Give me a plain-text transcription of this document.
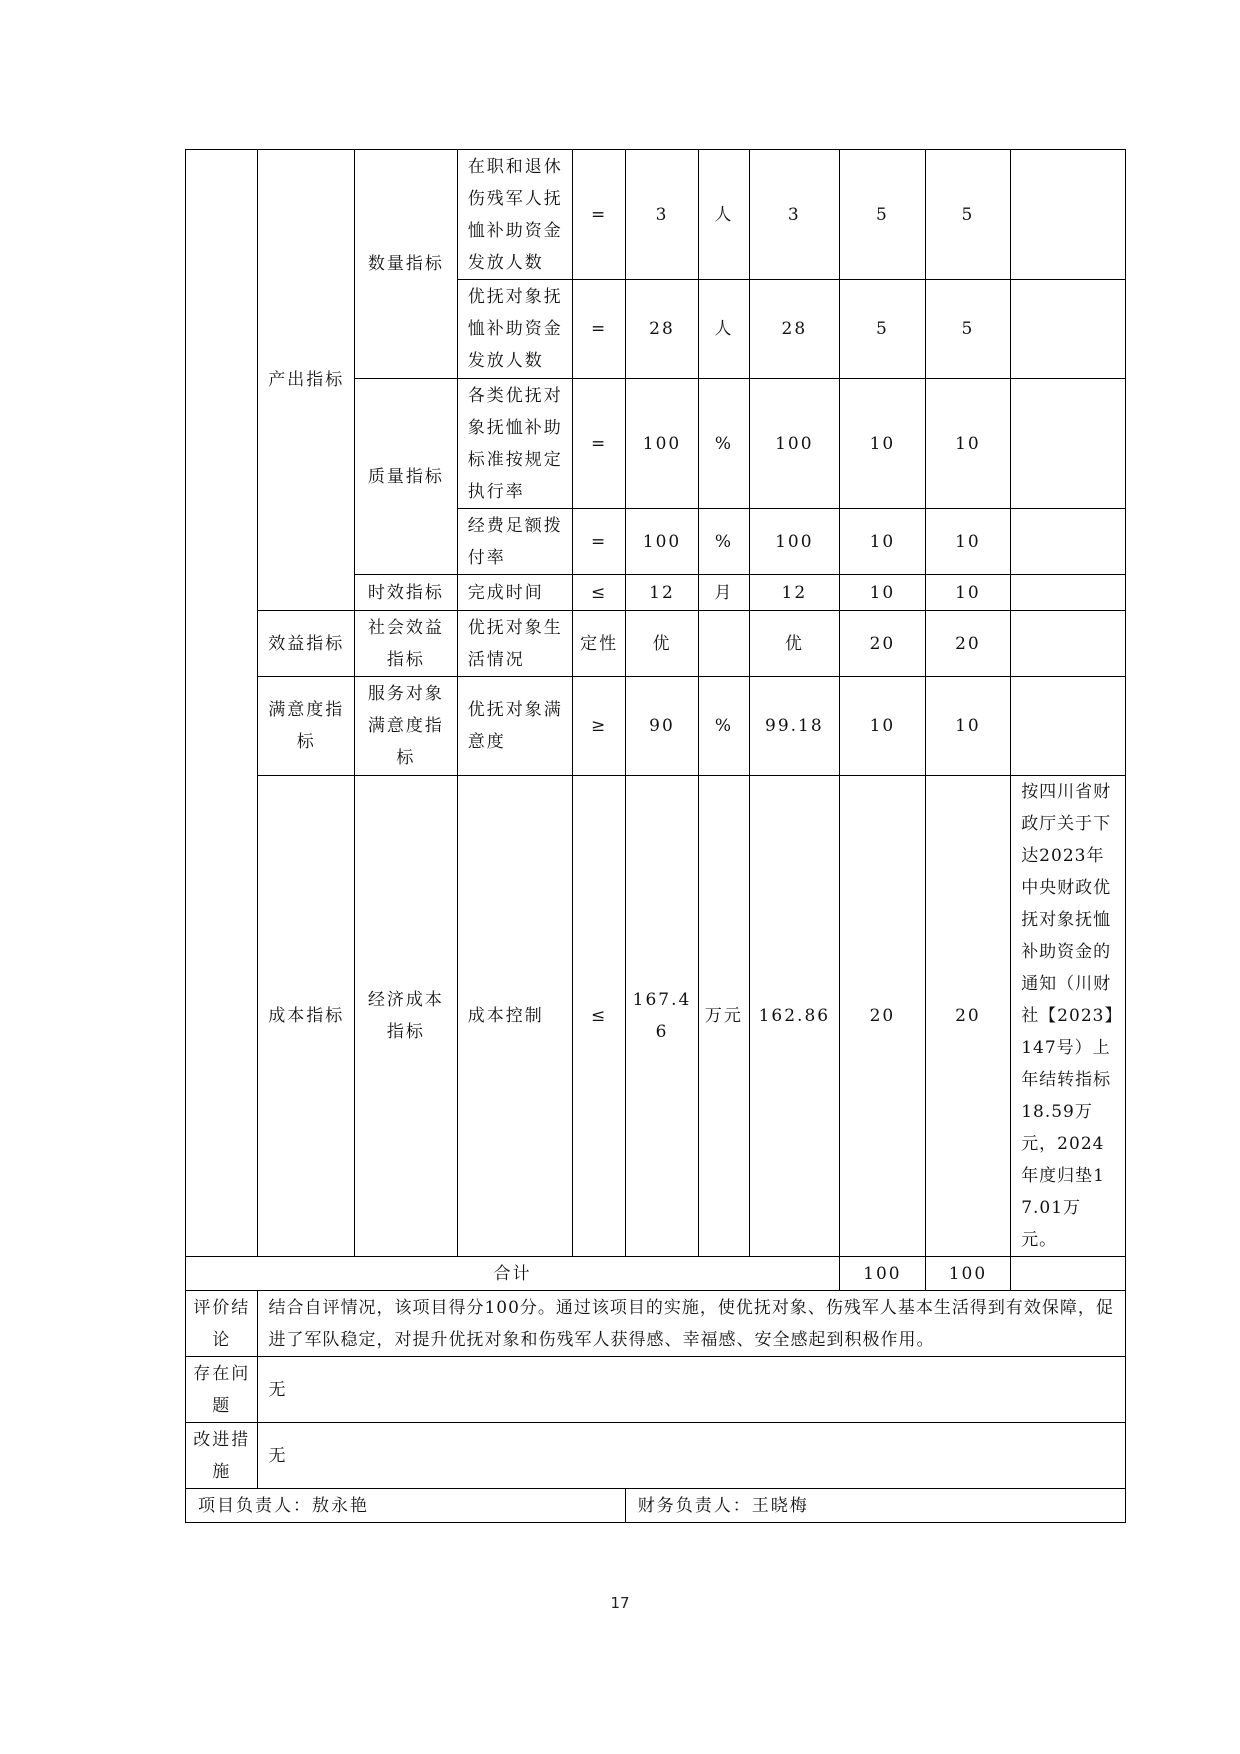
	产出指标	数量指标	在职和退休伤残军人抚恤补助资金发放人数	=	3	人	3	5	5	
			优抚对象抚恤补助资金发放人数	=	28	人	28	5	5	
		质量指标	各类优抚对象抚恤补助标准按规定执行率	=	100	%	100	10	10	
			经费足额拨付率	=	100	%	100	10	10	
		时效指标	完成时间	≤	12	月	12	10	10	
	效益指标	社会效益指标	优抚对象生活情况	定性	优		优	20	20	
	满意度指标	服务对象满意度指标	优抚对象满意度	≥	90	%	99.18	10	10	
	成本指标	经济成本指标	成本控制	≤	167.46	万元	162.86	20	20	按四川省财政厅关于下达2023年中央财政优抚对象抚恤补助资金的通知（川财社【2023】147号）上年结转指标18.59万元，2024年度归垫17.01万元。
合计								100	100	
评价结论	结合自评情况，该项目得分100分。通过该项目的实施，使优抚对象、伤残军人基本生活得到有效保障，促进了军队稳定，对提升优抚对象和伤残军人获得感、幸福感、安全感起到积极作用。									
存在问题	无									
改进措施	无									
项目负责人：敖永艳					财务负责人：王晓梅					
17
